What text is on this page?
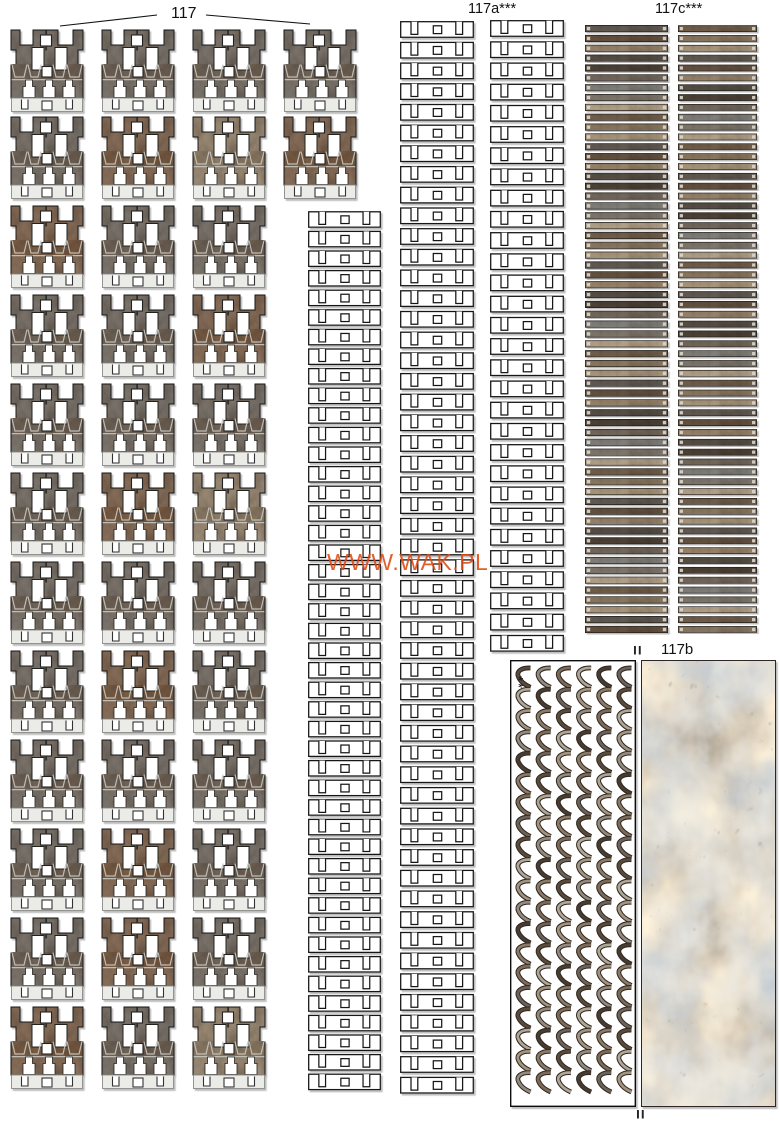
117	117a***	117c***
117b
**
WWW.WAK.PL
